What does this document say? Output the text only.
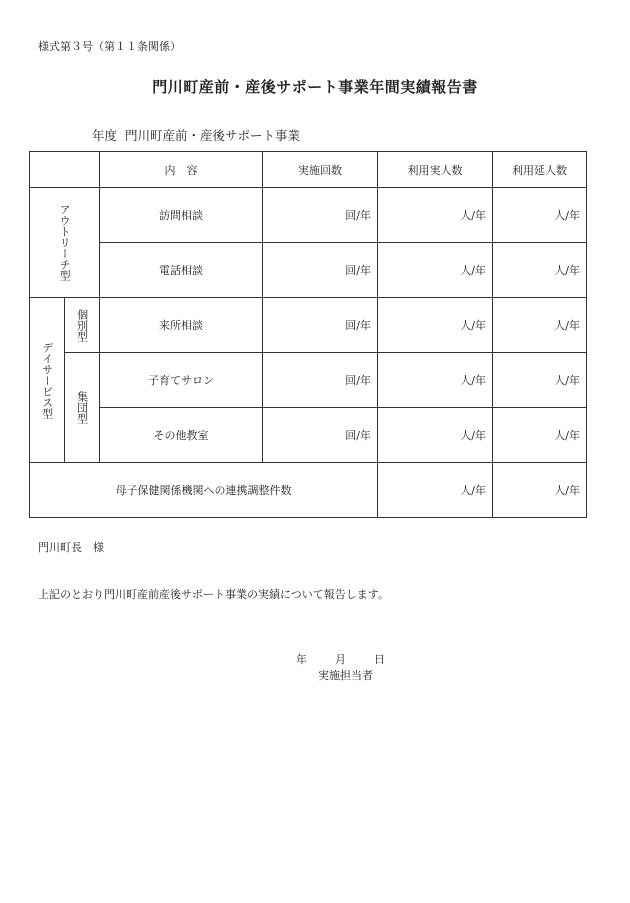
様式第３号（第１１条関係）
門川町産前・産後サポート事業年間実績報告書
年度 門川町産前・産後サポート事業
		内　容	実施回数	利用実人数	利用延人数

アウトリーチ型		訪問相談	回/年	人/年	人/年
		電話相談	回/年	人/年	人/年

デイサービス型	個別型	来所相談	回/年	人/年	人/年

	集団型	子育てサロン	回/年	人/年	人/年
		その他教室	回/年	人/年	人/年
母子保健関係機関への連携調整件数				人/年	人/年
門川町長　様
上記のとおり門川町産前産後サポート事業の実績について報告します。
年	月	日
実施担当者
